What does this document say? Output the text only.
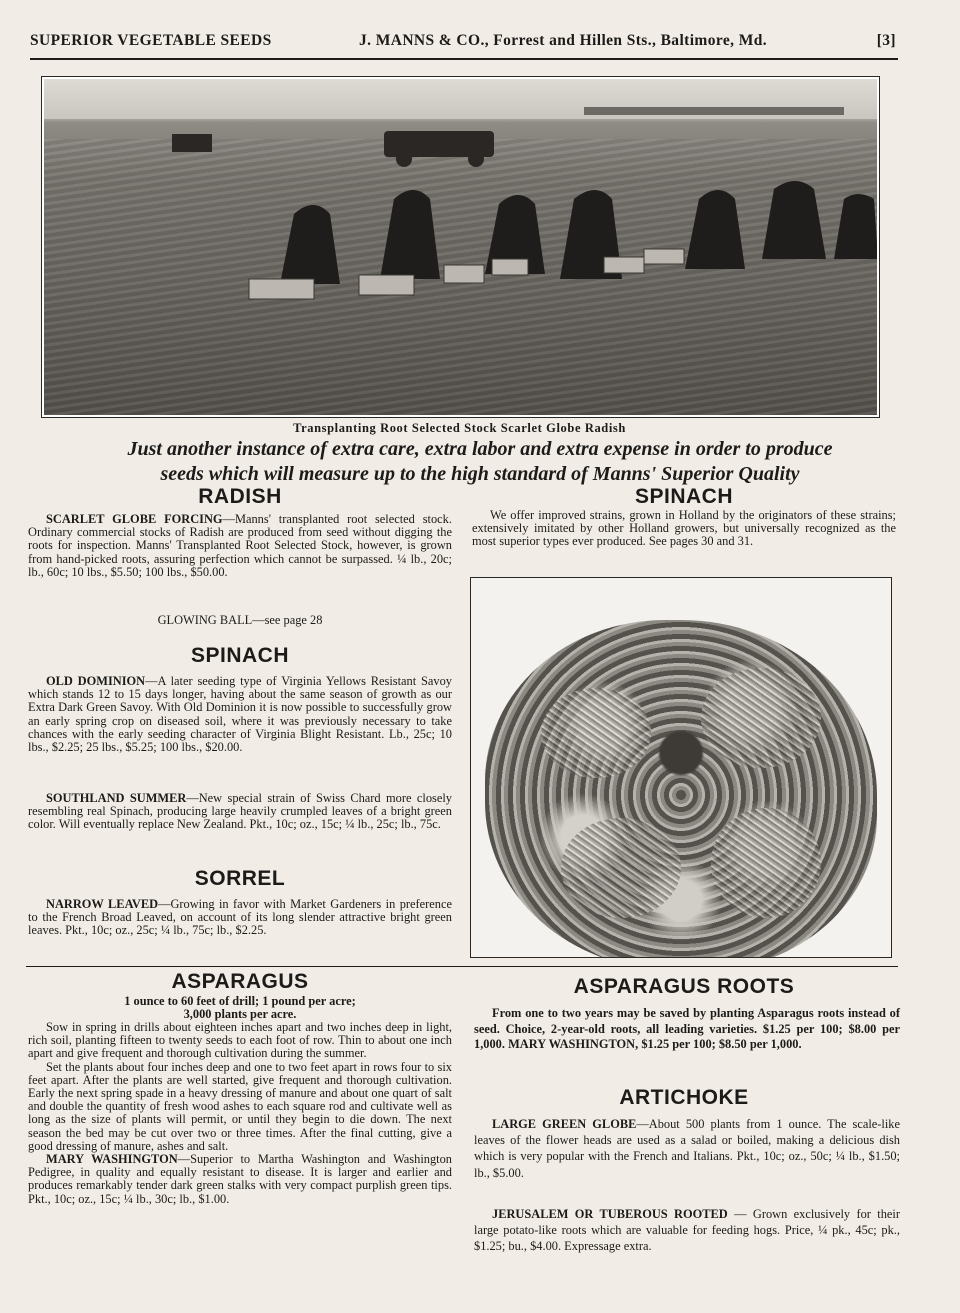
SUPERIOR VEGETABLE SEEDS	J. MANNS & CO., Forrest and Hillen Sts., Baltimore, Md.	[3]
Transplanting Root Selected Stock Scarlet Globe Radish
Just another instance of extra care, extra labor and extra expense in order to produce
seeds which will measure up to the high standard of Manns' Superior Quality
RADISH
SCARLET GLOBE FORCING—Manns' transplanted root selected stock. Ordinary commercial stocks of Radish are produced from seed without digging the roots for inspection. Manns' Transplanted Root Selected Stock, however, is grown from hand-picked roots, assuring perfection which cannot be surpassed. ¼ lb., 20c; lb., 60c; 10 lbs., $5.50; 100 lbs., $50.00.
GLOWING BALL—see page 28
SPINACH
OLD DOMINION—A later seeding type of Virginia Yellows Resistant Savoy which stands 12 to 15 days longer, having about the same season of growth as our Extra Dark Green Savoy. With Old Dominion it is now possible to successfully grow an early spring crop on diseased soil, where it was previously necessary to take chances with the early seeding character of Virginia Blight Resistant. Lb., 25c; 10 lbs., $2.25; 25 lbs., $5.25; 100 lbs., $20.00.
SOUTHLAND SUMMER—New special strain of Swiss Chard more closely resembling real Spinach, producing large heavily crumpled leaves of a bright green color. Will eventually replace New Zealand. Pkt., 10c; oz., 15c; ¼ lb., 25c; lb., 75c.
SORREL
NARROW LEAVED—Growing in favor with Market Gardeners in preference to the French Broad Leaved, on account of its long slender attractive bright green leaves. Pkt., 10c; oz., 25c; ¼ lb., 75c; lb., $2.25.
SPINACH
We offer improved strains, grown in Holland by the originators of these strains; extensively imitated by other Holland growers, but universally recognized as the most superior types ever produced. See pages 30 and 31.
ASPARAGUS
1 ounce to 60 feet of drill; 1 pound per acre;
3,000 plants per acre.
Sow in spring in drills about eighteen inches apart and two inches deep in light, rich soil, planting fifteen to twenty seeds to each foot of row. Thin to about one inch apart and give frequent and thorough cultivation during the summer.
Set the plants about four inches deep and one to two feet apart in rows four to six feet apart. After the plants are well started, give frequent and thorough cultivation. Early the next spring spade in a heavy dressing of manure and about one quart of salt and double the quantity of fresh wood ashes to each square rod and cultivate well as long as the size of plants will permit, or until they begin to die down. The next season the bed may be cut over two or three times. After the final cutting, give a good dressing of manure, ashes and salt.
MARY WASHINGTON—Superior to Martha Washington and Washington Pedigree, in quality and equally resistant to disease. It is larger and earlier and produces remarkably tender dark green stalks with very compact purplish green tips. Pkt., 10c; oz., 15c; ¼ lb., 30c; lb., $1.00.
ASPARAGUS ROOTS
From one to two years may be saved by planting Asparagus roots instead of seed. Choice, 2-year-old roots, all leading varieties. $1.25 per 100; $8.00 per 1,000. MARY WASHINGTON, $1.25 per 100; $8.50 per 1,000.
ARTICHOKE
LARGE GREEN GLOBE—About 500 plants from 1 ounce. The scale-like leaves of the flower heads are used as a salad or boiled, making a delicious dish which is very popular with the French and Italians. Pkt., 10c; oz., 50c; ¼ lb., $1.50; lb., $5.00.
JERUSALEM OR TUBEROUS ROOTED — Grown exclusively for their large potato-like roots which are valuable for feeding hogs. Price, ¼ pk., 45c; pk., $1.25; bu., $4.00. Expressage extra.
